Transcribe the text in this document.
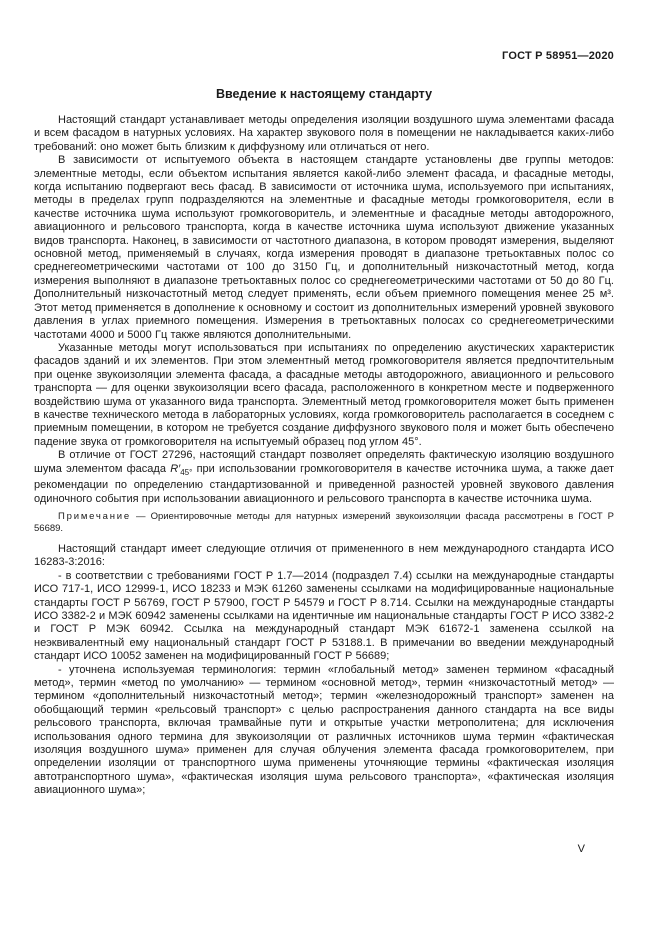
ГОСТ Р 58951—2020
Введение к настоящему стандарту

Настоящий стандарт устанавливает методы определения изоляции воздушного шума элементами фасада и всем фасадом в натурных условиях. На характер звукового поля в помещении не накладывается каких-либо требований: оно может быть близким к диффузному или отличаться от него.

В зависимости от испытуемого объекта в настоящем стандарте установлены две группы методов: элементные методы, если объектом испытания является какой-либо элемент фасада, и фасадные методы, когда испытанию подвергают весь фасад. В зависимости от источника шума, используемого при испытаниях, методы в пределах групп подразделяются на элементные и фасадные методы громкоговорителя, если в качестве источника шума используют громкоговоритель, и элементные и фасадные методы автодорожного, авиационного и рельсового транспорта, когда в качестве источника шума используют движение указанных видов транспорта. Наконец, в зависимости от частотного диапазона, в котором проводят измерения, выделяют основной метод, применяемый в случаях, когда измерения проводят в диапазоне третьоктавных полос со среднегеометрическими частотами от 100 до 3150 Гц, и дополнительный низкочастотный метод, когда измерения выполняют в диапазоне третьоктавных полос со среднегеометрическими частотами от 50 до 80 Гц. Дополнительный низкочастотный метод следует применять, если объем приемного помещения менее 25 м³. Этот метод применяется в дополнение к основному и состоит из дополнительных измерений уровней звукового давления в углах приемного помещения. Измерения в третьоктавных полосах со среднегеометрическими частотами 4000 и 5000 Гц также являются дополнительными.

Указанные методы могут использоваться при испытаниях по определению акустических характеристик фасадов зданий и их элементов. При этом элементный метод громкоговорителя является предпочтительным при оценке звукоизоляции элемента фасада, а фасадные методы автодорожного, авиационного и рельсового транспорта — для оценки звукоизоляции всего фасада, расположенного в конкретном месте и подверженного воздействию шума от указанного вида транспорта. Элементный метод громкоговорителя может быть применен в качестве технического метода в лабораторных условиях, когда громкоговоритель располагается в соседнем с приемным помещении, в котором не требуется создание диффузного звукового поля и может быть обеспечено падение звука от громкоговорителя на испытуемый образец под углом 45°.

В отличие от ГОСТ 27296, настоящий стандарт позволяет определять фактическую изоляцию воздушного шума элементом фасада $R'_{45^\circ}$ при использовании громкоговорителя в качестве источника шума, а также дает рекомендации по определению стандартизованной и приведенной разностей уровней звукового давления одиночного события при использовании авиационного и рельсового транспорта в качестве источника шума.

Примечание — Ориентировочные методы для натурных измерений звукоизоляции фасада рассмотрены в ГОСТ Р 56689.

Настоящий стандарт имеет следующие отличия от примененного в нем международного стандарта ИСО 16283-3:2016:

- в соответствии с требованиями ГОСТ Р 1.7—2014 (подраздел 7.4) ссылки на международные стандарты ИСО 717-1, ИСО 12999-1, ИСО 18233 и МЭК 61260 заменены ссылками на модифицированные национальные стандарты ГОСТ Р 56769, ГОСТ Р 57900, ГОСТ Р 54579 и ГОСТ Р 8.714. Ссылки на международные стандарты ИСО 3382-2 и МЭК 60942 заменены ссылками на идентичные им национальные стандарты ГОСТ Р ИСО 3382-2 и ГОСТ Р МЭК 60942. Ссылка на международный стандарт МЭК 61672-1 заменена ссылкой на неэквивалентный ему национальный стандарт ГОСТ Р 53188.1. В примечании во введении международный стандарт ИСО 10052 заменен на модифицированный ГОСТ Р 56689;

- уточнена используемая терминология: термин «глобальный метод» заменен термином «фасадный метод», термин «метод по умолчанию» — термином «основной метод», термин «низкочастотный метод» — термином «дополнительный низкочастотный метод»; термин «железнодорожный транспорт» заменен на обобщающий термин «рельсовый транспорт» с целью распространения данного стандарта на все виды рельсового транспорта, включая трамвайные пути и открытые участки метрополитена; для исключения использования одного термина для звукоизоляции от различных источников шума термин «фактическая изоляция воздушного шума» применен для случая облучения элемента фасада громкоговорителем, при определении изоляции от транспортного шума применены уточняющие термины «фактическая изоляция автотранспортного шума», «фактическая изоляция шума рельсового транспорта», «фактическая изоляция авиационного шума»;

V
